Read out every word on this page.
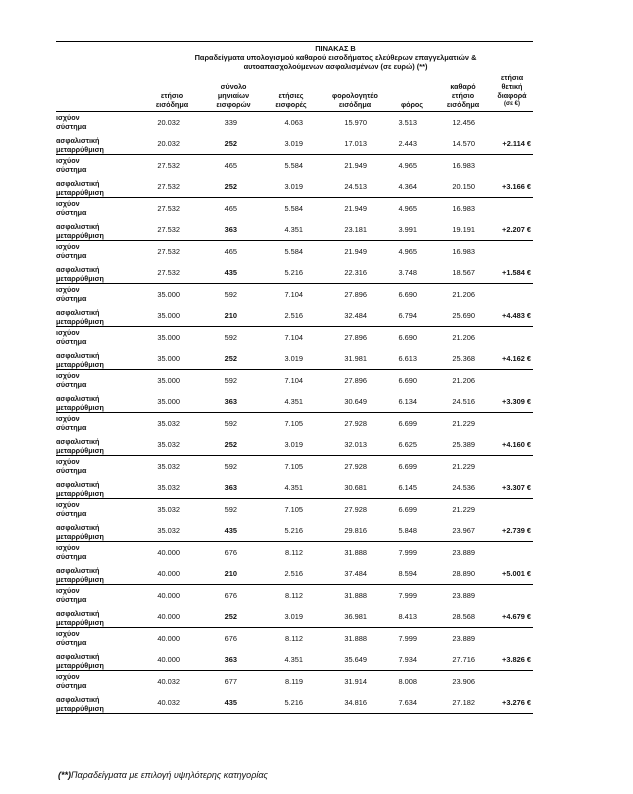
	ΠΙΝΑΚΑΣ Β						
	Παραδείγματα υπολογισμού καθαρού εισοδήματος ελεύθερων επαγγελματιών &						
	αυτοαπασχολούμενων ασφαλισμένων (σε ευρώ) (**)						
	ετήσιο
εισόδημα	σύνολο
μηνιαίων
εισφορών	ετήσιες
εισφορές	φορολογητέο
εισόδημα	φόρος	καθαρό
ετήσιο
εισόδημα	ετήσια
θετική
διαφορά
(σε €)

ισχύον
σύστημα	20.032	339	4.063	15.970	3.513	12.456	
ασφαλιστική
μεταρρύθμιση	20.032	252	3.019	17.013	2.443	14.570	+2.114 €
ισχύον
σύστημα	27.532	465	5.584	21.949	4.965	16.983	
ασφαλιστική
μεταρρύθμιση	27.532	252	3.019	24.513	4.364	20.150	+3.166 €
ισχύον
σύστημα	27.532	465	5.584	21.949	4.965	16.983	
ασφαλιστική
μεταρρύθμιση	27.532	363	4.351	23.181	3.991	19.191	+2.207 €
ισχύον
σύστημα	27.532	465	5.584	21.949	4.965	16.983	
ασφαλιστική
μεταρρύθμιση	27.532	435	5.216	22.316	3.748	18.567	+1.584 €
ισχύον
σύστημα	35.000	592	7.104	27.896	6.690	21.206	
ασφαλιστική
μεταρρύθμιση	35.000	210	2.516	32.484	6.794	25.690	+4.483 €
ισχύον
σύστημα	35.000	592	7.104	27.896	6.690	21.206	
ασφαλιστική
μεταρρύθμιση	35.000	252	3.019	31.981	6.613	25.368	+4.162 €
ισχύον
σύστημα	35.000	592	7.104	27.896	6.690	21.206	
ασφαλιστική
μεταρρύθμιση	35.000	363	4.351	30.649	6.134	24.516	+3.309 €
ισχύον
σύστημα	35.032	592	7.105	27.928	6.699	21.229	
ασφαλιστική
μεταρρύθμιση	35.032	252	3.019	32.013	6.625	25.389	+4.160 €
ισχύον
σύστημα	35.032	592	7.105	27.928	6.699	21.229	
ασφαλιστική
μεταρρύθμιση	35.032	363	4.351	30.681	6.145	24.536	+3.307 €
ισχύον
σύστημα	35.032	592	7.105	27.928	6.699	21.229	
ασφαλιστική
μεταρρύθμιση	35.032	435	5.216	29.816	5.848	23.967	+2.739 €
ισχύον
σύστημα	40.000	676	8.112	31.888	7.999	23.889	
ασφαλιστική
μεταρρύθμιση	40.000	210	2.516	37.484	8.594	28.890	+5.001 €
ισχύον
σύστημα	40.000	676	8.112	31.888	7.999	23.889	
ασφαλιστική
μεταρρύθμιση	40.000	252	3.019	36.981	8.413	28.568	+4.679 €
ισχύον
σύστημα	40.000	676	8.112	31.888	7.999	23.889	
ασφαλιστική
μεταρρύθμιση	40.000	363	4.351	35.649	7.934	27.716	+3.826 €
ισχύον
σύστημα	40.032	677	8.119	31.914	8.008	23.906	
ασφαλιστική
μεταρρύθμιση	40.032	435	5.216	34.816	7.634	27.182	+3.276 €
(**)Παραδείγματα με επιλογή υψηλότερης κατηγορίας
